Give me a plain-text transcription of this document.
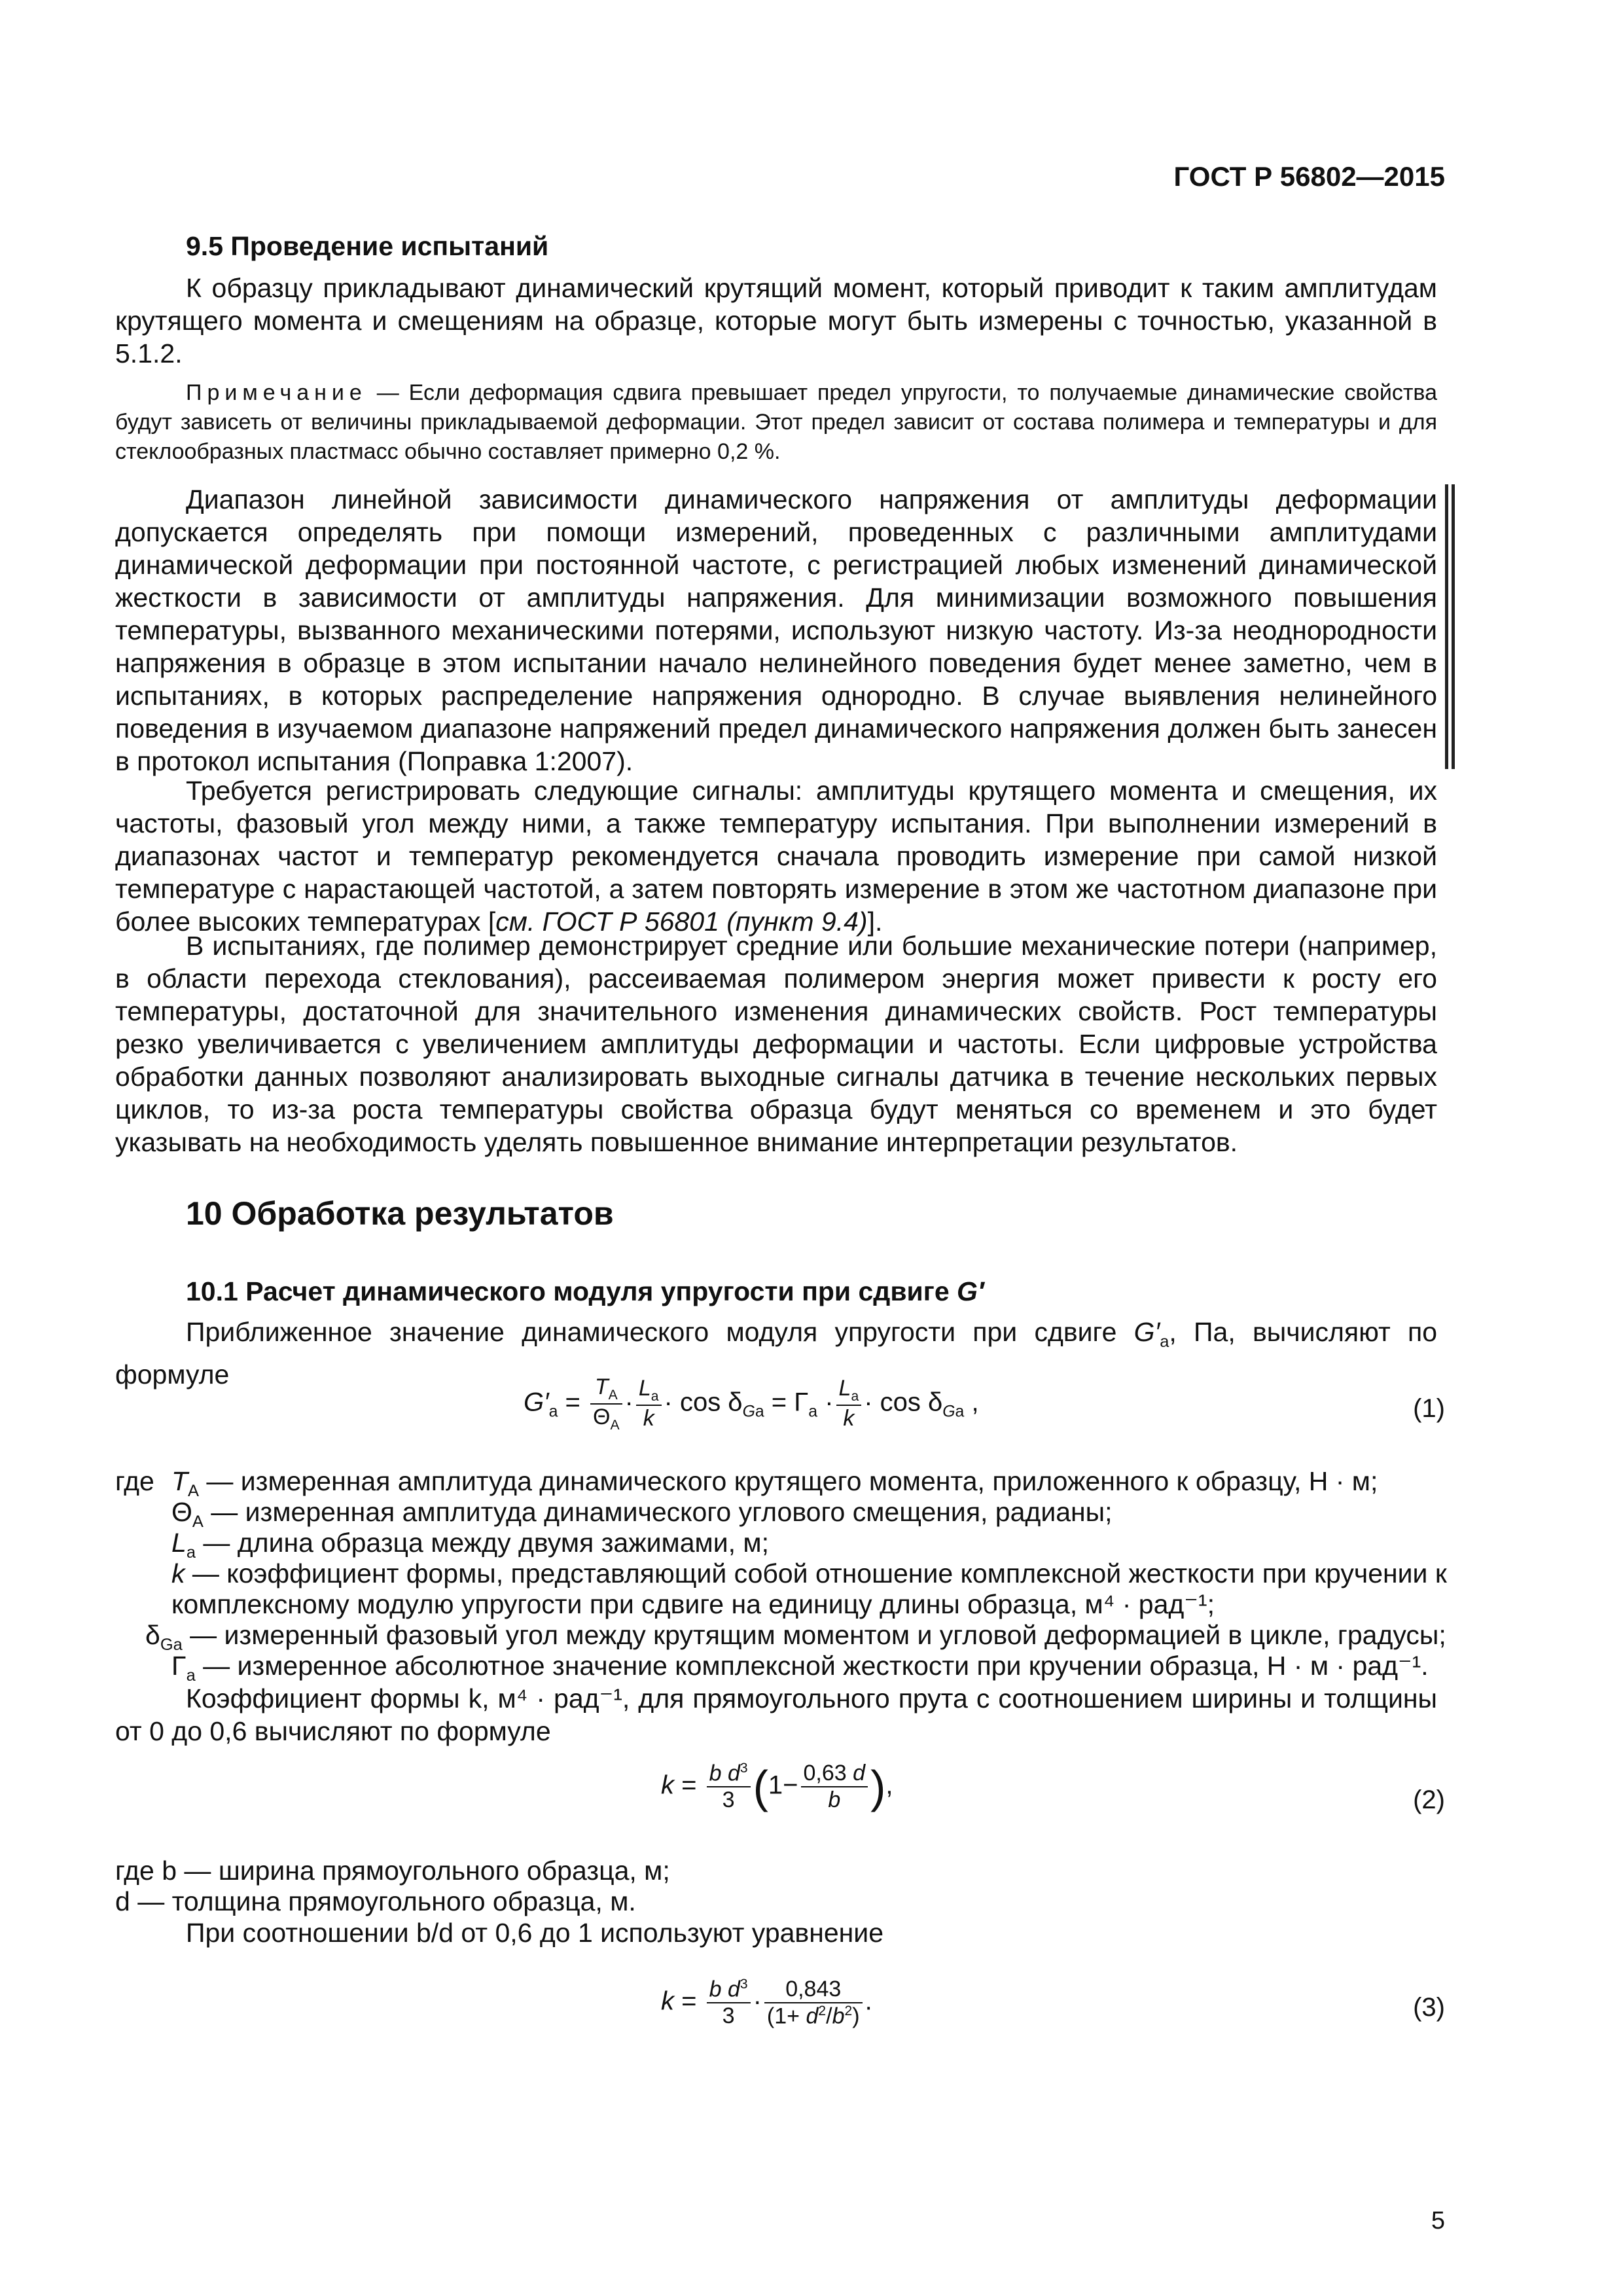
ГОСТ Р 56802—2015
9.5 Проведение испытаний
К образцу прикладывают динамический крутящий момент, который приводит к таким амплитудам крутящего момента и смещениям на образце, которые могут быть измерены с точностью, указанной в 5.1.2.
Примечание — Если деформация сдвига превышает предел упругости, то получаемые динамические свойства будут зависеть от величины прикладываемой деформации. Этот предел зависит от состава полимера и температуры и для стеклообразных пластмасс обычно составляет примерно 0,2 %.
Диапазон линейной зависимости динамического напряжения от амплитуды деформации допускается определять при помощи измерений, проведенных с различными амплитудами динамической деформации при постоянной частоте, с регистрацией любых изменений динамической жесткости в зависимости от амплитуды напряжения. Для минимизации возможного повышения температуры, вызванного механическими потерями, используют низкую частоту. Из-за неоднородности напряжения в образце в этом испытании начало нелинейного поведения будет менее заметно, чем в испытаниях, в которых распределение напряжения однородно. В случае выявления нелинейного поведения в изучаемом диапазоне напряжений предел динамического напряжения должен быть занесен в протокол испытания (Поправка 1:2007).
Требуется регистрировать следующие сигналы: амплитуды крутящего момента и смещения, их частоты, фазовый угол между ними, а также температуру испытания. При выполнении измерений в диапазонах частот и температур рекомендуется сначала проводить измерение при самой низкой температуре с нарастающей частотой, а затем повторять измерение в этом же частотном диапазоне при более высоких температурах [см. ГОСТ Р 56801 (пункт 9.4)].
В испытаниях, где полимер демонстрирует средние или большие механические потери (например, в области перехода стеклования), рассеиваемая полимером энергия может привести к росту его температуры, достаточной для значительного изменения динамических свойств. Рост температуры резко увеличивается с увеличением амплитуды деформации и частоты. Если цифровые устройства обработки данных позволяют анализировать выходные сигналы датчика в течение нескольких первых циклов, то из-за роста температуры свойства образца будут меняться со временем и это будет указывать на необходимость уделять повышенное внимание интерпретации результатов.
10 Обработка результатов
10.1 Расчет динамического модуля упругости при сдвиге G′
Приближенное значение динамического модуля упругости при сдвиге $G'_a$, Па, вычисляют по формуле
$G'_a = \frac{T_A}{\Theta_A} \cdot \frac{L_a}{k} \cdot \cos \delta_{Ga} = \Gamma_a \cdot \frac{L_a}{k} \cdot \cos \delta_{Ga}$ ,	(1)
где $T_A$ — измеренная амплитуда динамического крутящего момента, приложенного к образцу, Н · м;
$\Theta_A$ — измеренная амплитуда динамического углового смещения, радианы;
$L_a$ — длина образца между двумя зажимами, м;
k — коэффициент формы, представляющий собой отношение комплексной жесткости при кручении к комплексному модулю упругости при сдвиге на единицу длины образца, м⁴ · рад⁻¹;
$\delta_{Ga}$ — измеренный фазовый угол между крутящим моментом и угловой деформацией в цикле, градусы;
$\Gamma_a$ — измеренное абсолютное значение комплексной жесткости при кручении образца, Н · м · рад⁻¹.
Коэффициент формы k, м⁴ · рад⁻¹, для прямоугольного прута с соотношением ширины и толщины от 0 до 0,6 вычисляют по формуле
$k = \frac{b d^3}{3} (1- \frac{0,63 d}{b}$ ),
(2)
где b — ширина прямоугольного образца, м;
d — толщина прямоугольного образца, м.
При соотношении b/d от 0,6 до 1 используют уравнение
$k = \frac{b d^3}{3} \cdot \frac{0,843}{(1+ d^2/b^2)}$ .	(3)
5
